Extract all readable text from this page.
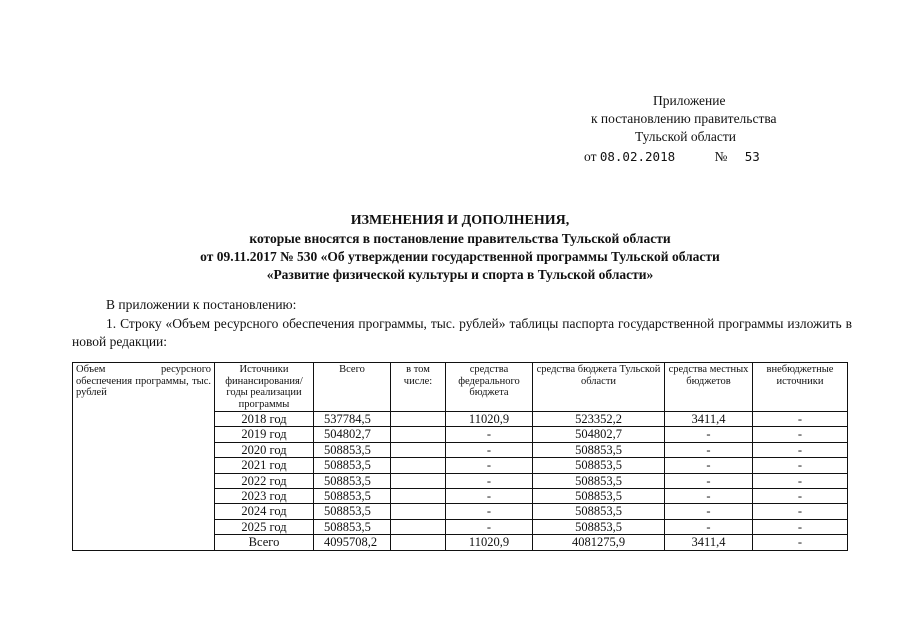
Приложение
к постановлению правительства
Тульской области
от 08.02.2018	№ 53
ИЗМЕНЕНИЯ И ДОПОЛНЕНИЯ,
которые вносятся в постановление правительства Тульской области
от 09.11.2017 № 530 «Об утверждении государственной программы Тульской области
«Развитие физической культуры и спорта в Тульской области»
В приложении к постановлению:
1. Строку «Объем ресурсного обеспечения программы, тыс. рублей» таблицы паспорта государственной программы изложить в новой редакции:
Объем ресурсного обеспечения программы, тыс. рублей	Источники финансирования/ годы реализации программы	Всего	в том числе:	средства федерального бюджета	средства бюджета Тульской области	средства местных бюджетов	внебюджетные источники
	2018 год	537784,5		11020,9	523352,2	3411,4	-
	2019 год	504802,7		-	504802,7	-	-
	2020 год	508853,5		-	508853,5	-	-
	2021 год	508853,5		-	508853,5	-	-
	2022 год	508853,5		-	508853,5	-	-
	2023 год	508853,5		-	508853,5	-	-
	2024 год	508853,5		-	508853,5	-	-
	2025 год	508853,5		-	508853,5	-	-
	Всего	4095708,2		11020,9	4081275,9	3411,4	-
